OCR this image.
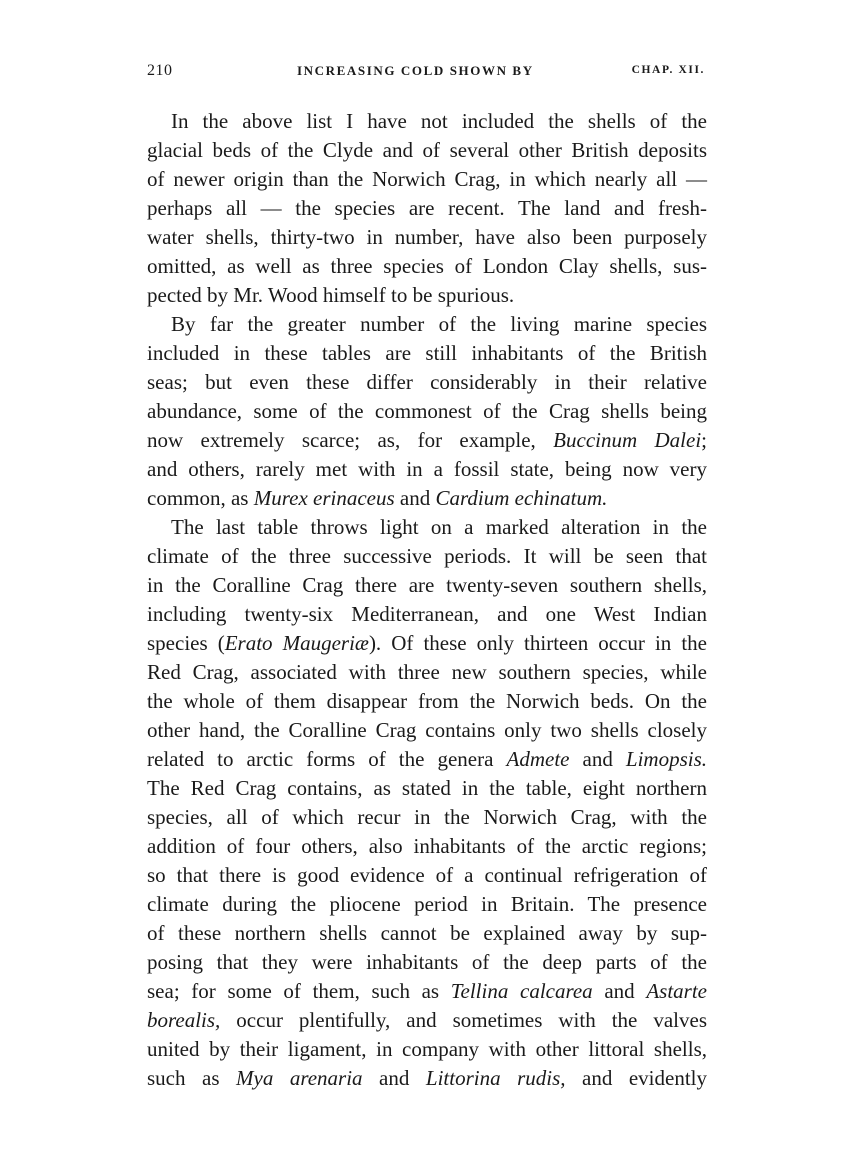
210	INCREASING COLD SHOWN BY	CHAP. XII.
In the above list I have not included the shells of the
glacial beds of the Clyde and of several other British deposits
of newer origin than the Norwich Crag, in which nearly all —
perhaps all — the species are recent. The land and fresh-
water shells, thirty-two in number, have also been purposely
omitted, as well as three species of London Clay shells, sus-
pected by Mr. Wood himself to be spurious.
By far the greater number of the living marine species
included in these tables are still inhabitants of the British
seas; but even these differ considerably in their relative
abundance, some of the commonest of the Crag shells being
now extremely scarce; as, for example, Buccinum Dalei;
and others, rarely met with in a fossil state, being now very
common, as Murex erinaceus and Cardium echinatum.
The last table throws light on a marked alteration in the
climate of the three successive periods. It will be seen that
in the Coralline Crag there are twenty-seven southern shells,
including twenty-six Mediterranean, and one West Indian
species (Erato Maugeriæ). Of these only thirteen occur in the
Red Crag, associated with three new southern species, while
the whole of them disappear from the Norwich beds. On the
other hand, the Coralline Crag contains only two shells closely
related to arctic forms of the genera Admete and Limopsis.
The Red Crag contains, as stated in the table, eight northern
species, all of which recur in the Norwich Crag, with the
addition of four others, also inhabitants of the arctic regions;
so that there is good evidence of a continual refrigeration of
climate during the pliocene period in Britain. The presence
of these northern shells cannot be explained away by sup-
posing that they were inhabitants of the deep parts of the
sea; for some of them, such as Tellina calcarea and Astarte
borealis, occur plentifully, and sometimes with the valves
united by their ligament, in company with other littoral shells,
such as Mya arenaria and Littorina rudis, and evidently
